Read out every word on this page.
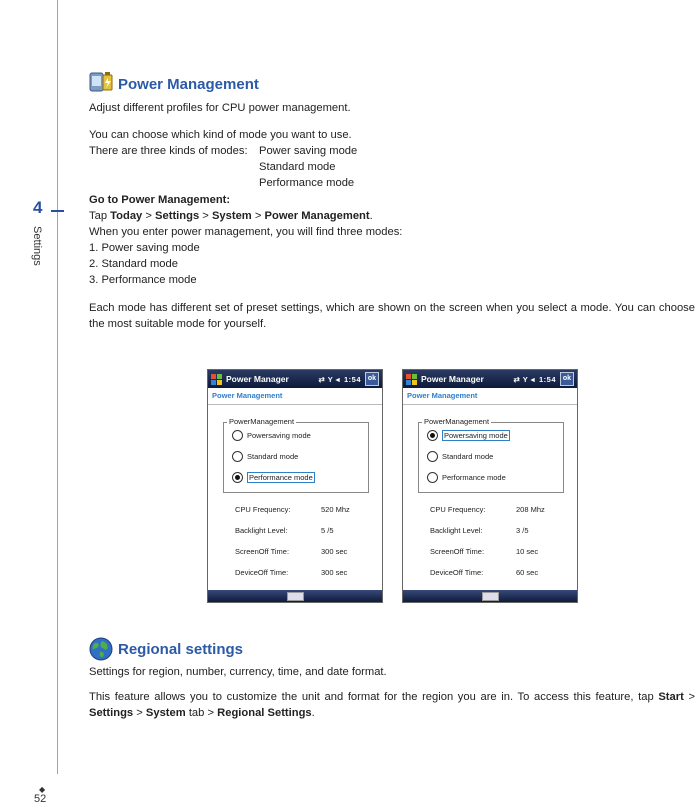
4
Settings
◆
52
Power Management
Adjust different profiles for CPU power management.
You can choose which kind of mode you want to use.
There are three kinds of modes: Power saving mode
Standard mode
Performance mode
Go to Power Management:
Tap Today > Settings > System > Power Management.
When you enter power management, you will find three modes:
1. Power saving mode
2. Standard mode
3. Performance mode
Each mode has different set of preset settings, which are shown on the screen when you select a mode. You can choose the most suitable mode for yourself.
Power Manager	⇄ Y ◂ 1:54 ok
Power Management
PowerManagement
Powersaving mode
Standard mode
Performance mode
CPU Frequency:	520 Mhz
Backlight Level:	5 /5
ScreenOff Time:	300 sec
DeviceOff Time:	300 sec
Power Manager	⇄ Y ◂ 1:54 ok
Power Management
PowerManagement
Powersaving mode
Standard mode
Performance mode
CPU Frequency:	208 Mhz
Backlight Level:	3 /5
ScreenOff Time:	10 sec
DeviceOff Time:	60 sec
Regional settings
Settings for region, number, currency, time, and date format.
This feature allows you to customize the unit and format for the region you are in. To access this feature, tap Start > Settings > System tab > Regional Settings.
